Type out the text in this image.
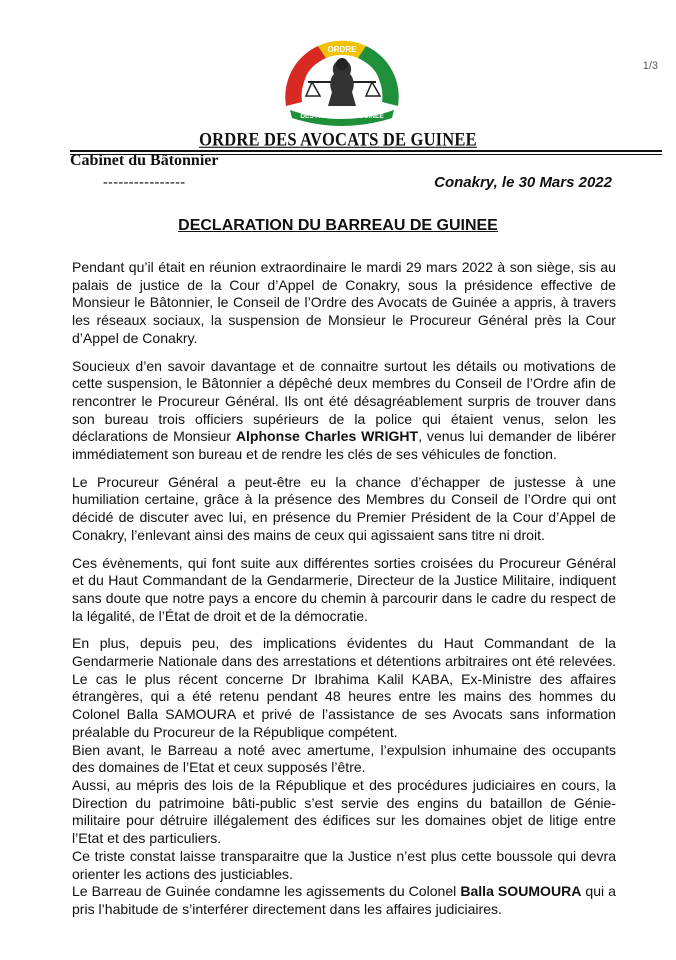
1/3
ORDRE
DES AVOCATS DE GUINEE
ORDRE DES AVOCATS DE GUINEE
Cabinet du Bâtonnier
----------------	Conakry, le 30 Mars 2022
DECLARATION DU BARREAU DE GUINEE

Pendant qu’il était en réunion extraordinaire le mardi 29 mars 2022 à son siège, sis au palais de justice de la Cour d’Appel de Conakry, sous la présidence effective de Monsieur le Bâtonnier, le Conseil de l’Ordre des Avocats de Guinée a appris, à travers les réseaux sociaux, la suspension de Monsieur le Procureur Général près la Cour d’Appel de Conakry.

Soucieux d’en savoir davantage et de connaitre surtout les détails ou motivations de cette suspension, le Bâtonnier a dépêché deux membres du Conseil de l’Ordre afin de rencontrer le Procureur Général. Ils ont été désagréablement surpris de trouver dans son bureau trois officiers supérieurs de la police qui étaient venus, selon les déclarations de Monsieur Alphonse Charles WRIGHT, venus lui demander de libérer immédiatement son bureau et de rendre les clés de ses véhicules de fonction.

Le Procureur Général a peut-être eu la chance d’échapper de justesse à une humiliation certaine, grâce à la présence des Membres du Conseil de l’Ordre qui ont décidé de discuter avec lui, en présence du Premier Président de la Cour d’Appel de Conakry, l’enlevant ainsi des mains de ceux qui agissaient sans titre ni droit.

Ces évènements, qui font suite aux différentes sorties croisées du Procureur Général et du Haut Commandant de la Gendarmerie, Directeur de la Justice Militaire, indiquent sans doute que notre pays a encore du chemin à parcourir dans le cadre du respect de la légalité, de l’État de droit et de la démocratie.

En plus, depuis peu, des implications évidentes du Haut Commandant de la Gendarmerie Nationale dans des arrestations et détentions arbitraires ont été relevées. Le cas le plus récent concerne Dr Ibrahima Kalil KABA, Ex-Ministre des affaires étrangères, qui a été retenu pendant 48 heures entre les mains des hommes du Colonel Balla SAMOURA et privé de l’assistance de ses Avocats sans information préalable du Procureur de la République compétent.

Bien avant, le Barreau a noté avec amertume, l’expulsion inhumaine des occupants des domaines de l’Etat et ceux supposés l’être.

Aussi, au mépris des lois de la République et des procédures judiciaires en cours, la Direction du patrimoine bâti-public s’est servie des engins du bataillon de Génie-militaire pour détruire illégalement des édifices sur les domaines objet de litige entre l’Etat et des particuliers.

Ce triste constat laisse transparaitre que la Justice n’est plus cette boussole qui devra orienter les actions des justiciables.

Le Barreau de Guinée condamne les agissements du Colonel Balla SOUMOURA qui a pris l’habitude de s’interférer directement dans les affaires judiciaires.
